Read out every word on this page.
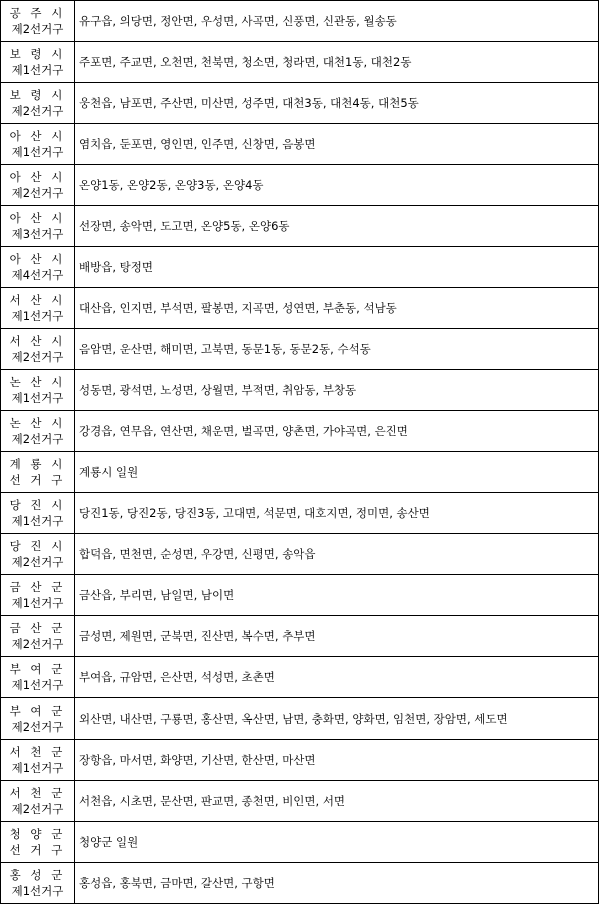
공 주 시
제2선거구	유구읍, 의당면, 정안면, 우성면, 사곡면, 신풍면, 신관동, 월송동

보 령 시
제1선거구	주포면, 주교면, 오천면, 천북면, 청소면, 청라면, 대천1동, 대천2동

보 령 시
제2선거구	웅천읍, 남포면, 주산면, 미산면, 성주면, 대천3동, 대천4동, 대천5동

아 산 시
제1선거구	염치읍, 둔포면, 영인면, 인주면, 신창면, 음봉면

아 산 시
제2선거구	온양1동, 온양2동, 온양3동, 온양4동

아 산 시
제3선거구	선장면, 송악면, 도고면, 온양5동, 온양6동

아 산 시
제4선거구	배방읍, 탕정면

서 산 시
제1선거구	대산읍, 인지면, 부석면, 팔봉면, 지곡면, 성연면, 부춘동, 석남동

서 산 시
제2선거구	음암면, 운산면, 해미면, 고북면, 동문1동, 동문2동, 수석동

논 산 시
제1선거구	성동면, 광석면, 노성면, 상월면, 부적면, 취암동, 부창동

논 산 시
제2선거구	강경읍, 연무읍, 연산면, 채운면, 벌곡면, 양촌면, 가야곡면, 은진면

계 룡 시
선 거 구	계룡시 일원

당 진 시
제1선거구	당진1동, 당진2동, 당진3동, 고대면, 석문면, 대호지면, 정미면, 송산면

당 진 시
제2선거구	합덕읍, 면천면, 순성면, 우강면, 신평면, 송악읍

금 산 군
제1선거구	금산읍, 부리면, 남일면, 남이면

금 산 군
제2선거구	금성면, 제원면, 군북면, 진산면, 복수면, 추부면

부 여 군
제1선거구	부여읍, 규암면, 은산면, 석성면, 초촌면

부 여 군
제2선거구	외산면, 내산면, 구룡면, 홍산면, 옥산면, 남면, 충화면, 양화면, 임천면, 장암면, 세도면

서 천 군
제1선거구	장항읍, 마서면, 화양면, 기산면, 한산면, 마산면

서 천 군
제2선거구	서천읍, 시초면, 문산면, 판교면, 종천면, 비인면, 서면

청 양 군
선 거 구	청양군 일원

홍 성 군
제1선거구	홍성읍, 홍북면, 금마면, 갈산면, 구항면
